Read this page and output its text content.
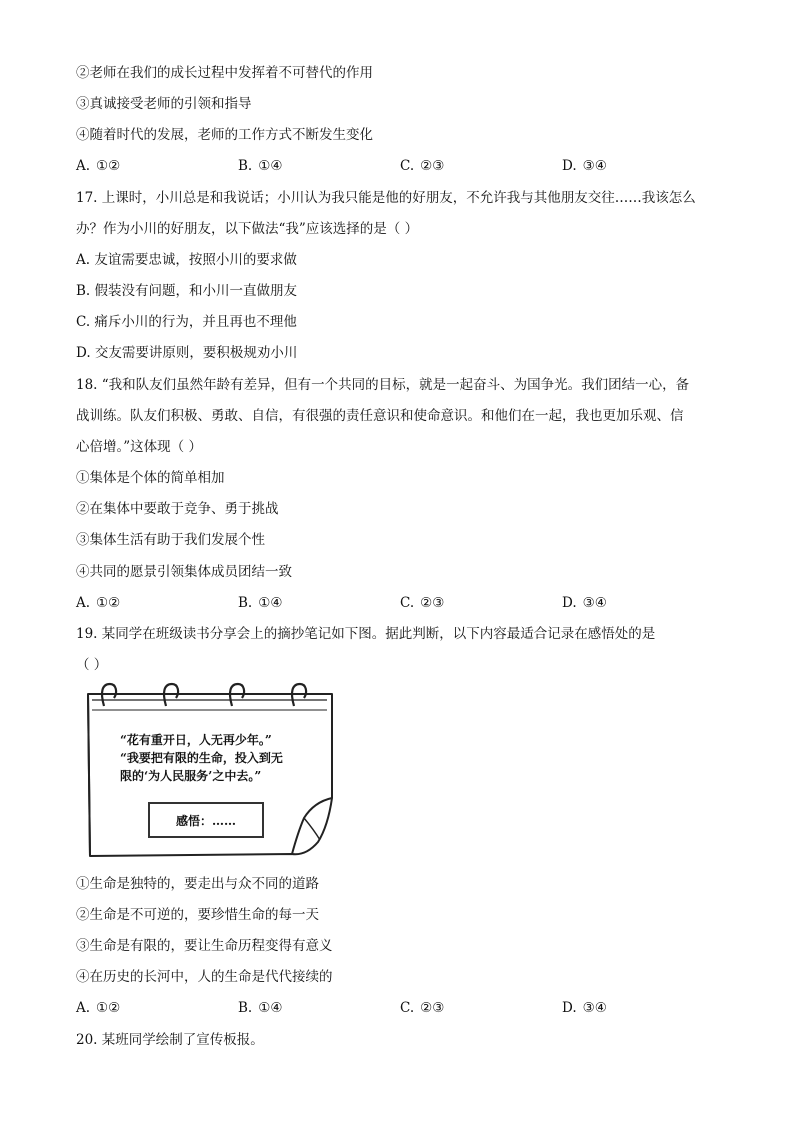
②老师在我们的成长过程中发挥着不可替代的作用
③真诚接受老师的引领和指导
④随着时代的发展，老师的工作方式不断发生变化
A. ①②	B. ①④	C. ②③	D. ③④
17. 上课时，小川总是和我说话；小川认为我只能是他的好朋友，不允许我与其他朋友交往……我该怎么
办？作为小川的好朋友，以下做法“我”应该选择的是（ ）
A. 友谊需要忠诚，按照小川的要求做
B. 假装没有问题，和小川一直做朋友
C. 痛斥小川的行为，并且再也不理他
D. 交友需要讲原则，要积极规劝小川
18. “我和队友们虽然年龄有差异，但有一个共同的目标，就是一起奋斗、为国争光。我们团结一心，备
战训练。队友们积极、勇敢、自信，有很强的责任意识和使命意识。和他们在一起，我也更加乐观、信
心倍增。”这体现（ ）
①集体是个体的简单相加
②在集体中要敢于竞争、勇于挑战
③集体生活有助于我们发展个性
④共同的愿景引领集体成员团结一致
A. ①②	B. ①④	C. ②③	D. ③④
19. 某同学在班级读书分享会上的摘抄笔记如下图。据此判断，以下内容最适合记录在感悟处的是
（ ）
“花有重开日，人无再少年。”
“我要把有限的生命，投入到无
限的‘为人民服务’之中去。”
感悟：……
①生命是独特的，要走出与众不同的道路
②生命是不可逆的，要珍惜生命的每一天
③生命是有限的，要让生命历程变得有意义
④在历史的长河中，人的生命是代代接续的
A. ①②	B. ①④	C. ②③	D. ③④
20. 某班同学绘制了宣传板报。
